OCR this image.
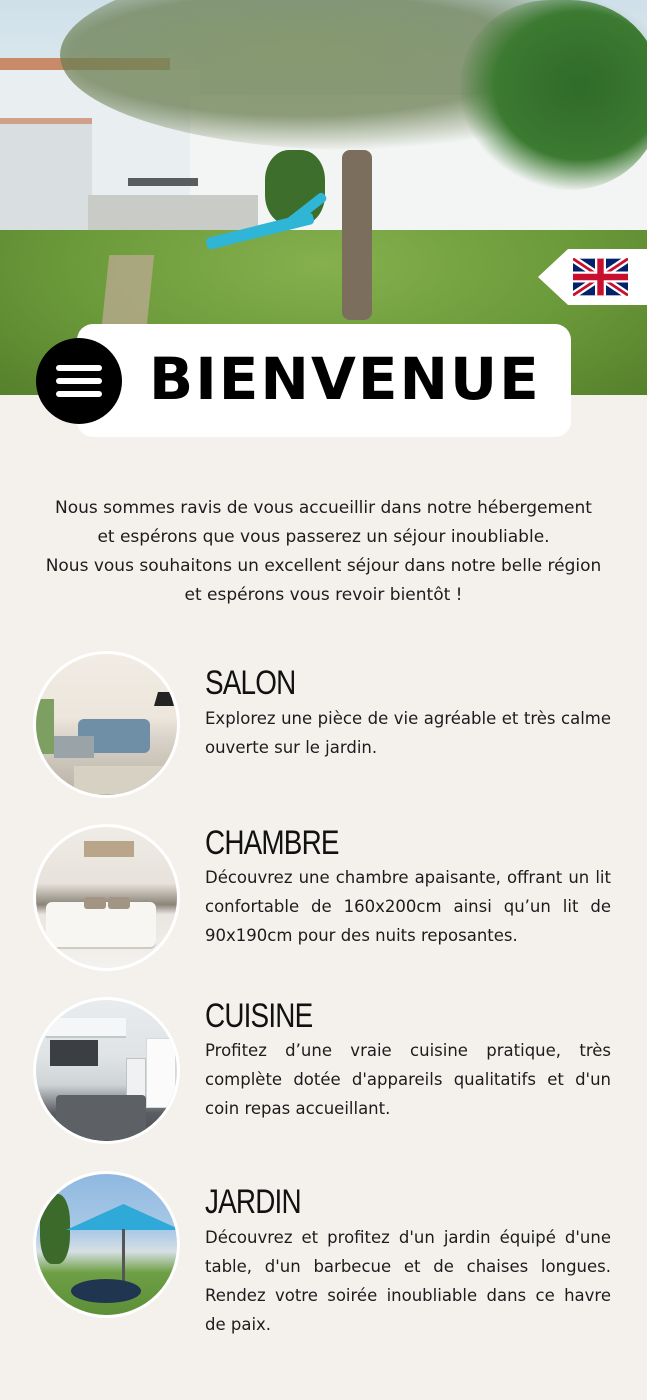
BIENVENUE

Nous sommes ravis de vous accueillir dans notre hébergement

et espérons que vous passerez un séjour inoubliable.

Nous vous souhaitons un excellent séjour dans notre belle région

et espérons vous revoir bientôt !

SALON
Explorez une pièce de vie agréable et très calme ouverte sur le jardin.
CHAMBRE
Découvrez une chambre apaisante, offrant un lit confortable de 160x200cm ainsi qu’un lit de 90x190cm pour des nuits reposantes.
CUISINE
Profitez d’une vraie cuisine pratique, très complète dotée d'appareils qualitatifs et d'un coin repas accueillant.
JARDIN
Découvrez et profitez d'un jardin équipé d'une table, d'un barbecue et de chaises longues. Rendez votre soirée inoubliable dans ce havre de paix.
